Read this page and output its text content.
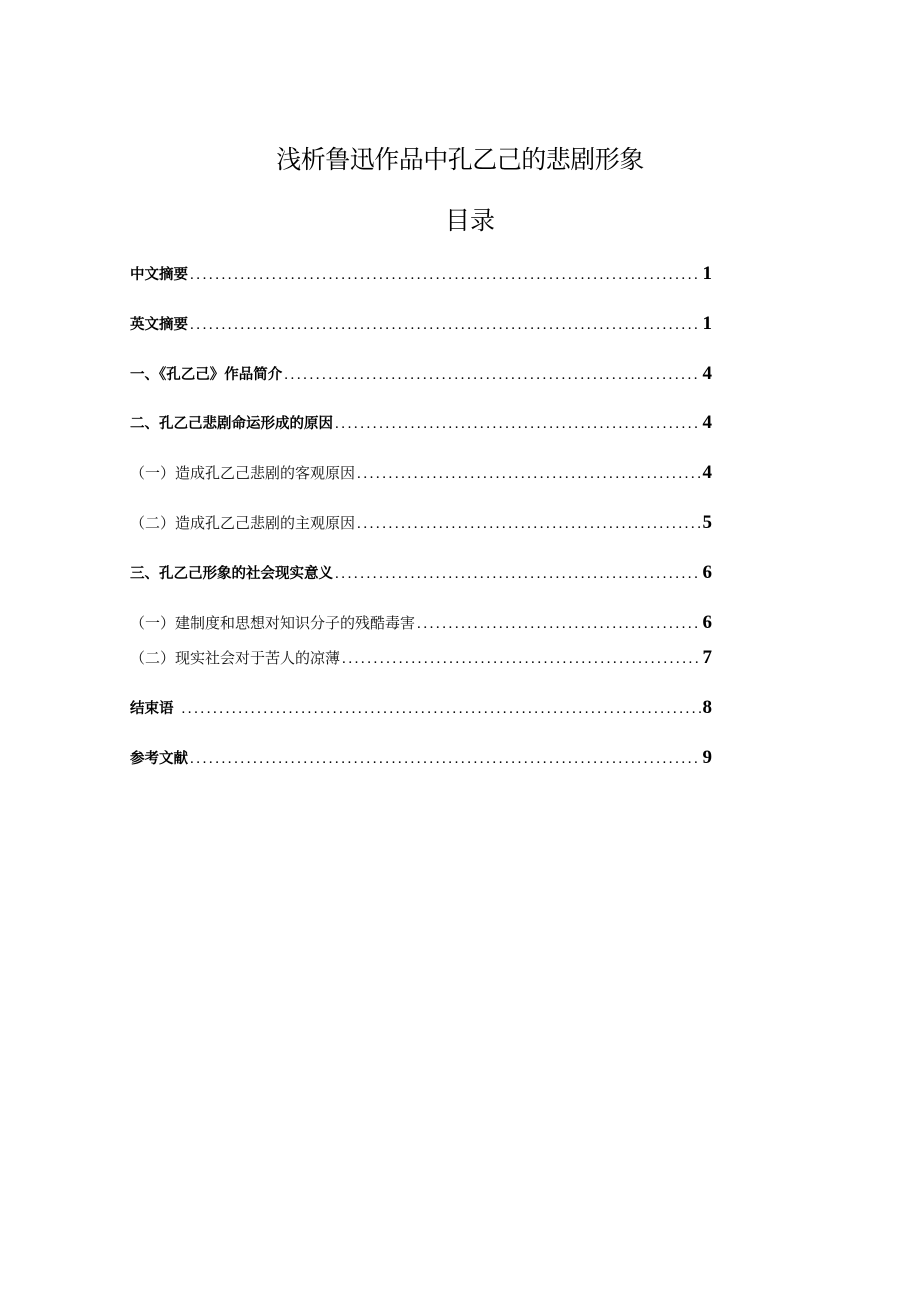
浅析鲁迅作品中孔乙己的悲剧形象
目录
中文摘要 . . .	1
英文摘要 . . .	1
一、《孔乙己》作品简介 . . .	4
二、孔乙己悲剧命运形成的原因 . . .	4
（一）造成孔乙己悲剧的客观原因 . . .	4
（二）造成孔乙己悲剧的主观原因 . . .	5
三、孔乙己形象的社会现实意义 . . .	6
（一）建制度和思想对知识分子的残酷毒害 . . .	6
（二）现实社会对于苦人的凉薄 . . .	7
结束语 . . .	8
参考文献 . . .	9
